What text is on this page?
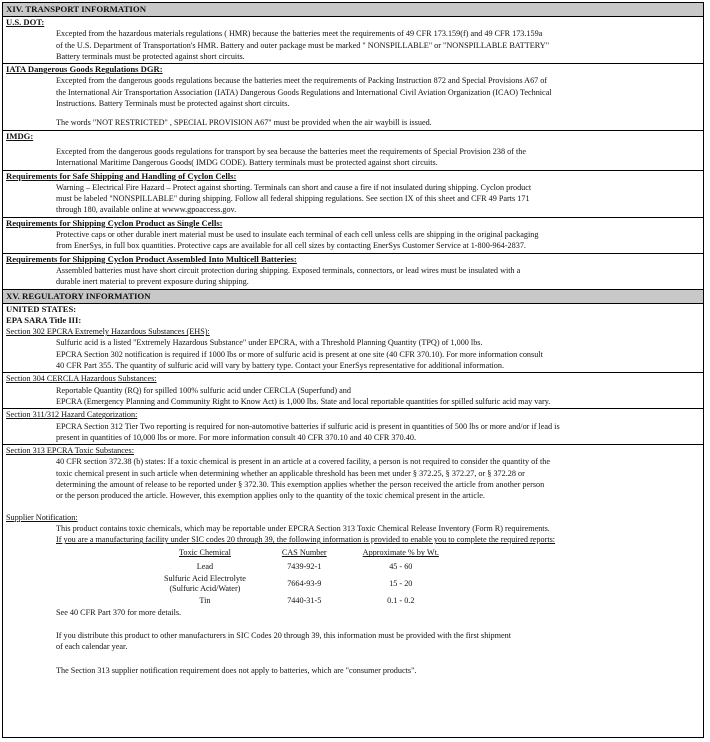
XIV. TRANSPORT INFORMATION
U.S. DOT:
Excepted from the hazardous materials regulations ( HMR) because the batteries meet the requirements of 49 CFR 173.159(f) and 49 CFR 173.159a
of the U.S. Department of Transportation's HMR. Battery and outer package must be marked " NONSPILLABLE" or "NONSPILLABLE BATTERY"
Battery terminals must be protected against short circuits.
IATA Dangerous Goods Regulations DGR:
Excepted from the dangerous goods regulations because the batteries meet the requirements of Packing Instruction 872 and Special Provisions A67 of
the International Air Transportation Association (IATA) Dangerous Goods Regulations and International Civil Aviation Organization (ICAO) Technical
Instructions. Battery Terminals must be protected against short circuits.
The words "NOT RESTRICTED" , SPECIAL PROVISION A67" must be provided when the air waybill is issued.
IMDG:
Excepted from the dangerous goods regulations for transport by sea because the batteries meet the requirements of Special Provision 238 of the
International Maritime Dangerous Goods( IMDG CODE). Battery terminals must be protected against short circuits.
Requirements for Safe Shipping and Handling of Cyclon Cells:
Warning – Electrical Fire Hazard – Protect against shorting. Terminals can short and cause a fire if not insulated during shipping. Cyclon product
must be labeled "NONSPILLABLE" during shipping. Follow all federal shipping regulations. See section IX of this sheet and CFR 49 Parts 171
through 180, available online at wwww.gpoaccess.gov.
Requirements for Shipping Cyclon Product as Single Cells:
Protective caps or other durable inert material must be used to insulate each terminal of each cell unless cells are shipping in the original packaging
from EnerSys, in full box quantities. Protective caps are available for all cell sizes by contacting EnerSys Customer Service at 1-800-964-2837.
Requirements for Shipping Cyclon Product Assembled Into Multicell Batteries:
Assembled batteries must have short circuit protection during shipping. Exposed terminals, connectors, or lead wires must be insulated with a
durable inert material to prevent exposure during shipping.
XV. REGULATORY INFORMATION
UNITED STATES:
EPA SARA Title III:
Section 302 EPCRA Extremely Hazardous Substances (EHS):
Sulfuric acid is a listed "Extremely Hazardous Substance" under EPCRA, with a Threshold Planning Quantity (TPQ) of 1,000 lbs.
EPCRA Section 302 notification is required if 1000 lbs or more of sulfuric acid is present at one site (40 CFR 370.10). For more information consult
40 CFR Part 355. The quantity of sulfuric acid will vary by battery type. Contact your EnerSys representative for additional information.
Section 304 CERCLA Hazardous Substances:
Reportable Quantity (RQ) for spilled 100% sulfuric acid under CERCLA (Superfund) and
EPCRA (Emergency Planning and Community Right to Know Act) is 1,000 lbs. State and local reportable quantities for spilled sulfuric acid may vary.
Section 311/312 Hazard Categorization:
EPCRA Section 312 Tier Two reporting is required for non-automotive batteries if sulfuric acid is present in quantities of 500 lbs or more and/or if lead is
present in quantities of 10,000 lbs or more. For more information consult 40 CFR 370.10 and 40 CFR 370.40.
Section 313 EPCRA Toxic Substances:
40 CFR section 372.38 (b) states: If a toxic chemical is present in an article at a covered facility, a person is not required to consider the quantity of the
toxic chemical present in such article when determining whether an applicable threshold has been met under § 372.25, § 372.27, or § 372.28 or
determining the amount of release to be reported under § 372.30. This exemption applies whether the person received the article from another person
or the person produced the article. However, this exemption applies only to the quantity of the toxic chemical present in the article.
Supplier Notification:
This product contains toxic chemicals, which may be reportable under EPCRA Section 313 Toxic Chemical Release Inventory (Form R) requirements.
If you are a manufacturing facility under SIC codes 20 through 39, the following information is provided to enable you to complete the required reports:
Toxic Chemical	CAS Number	Approximate % by Wt.
Lead	7439-92-1	45 - 60
Sulfuric Acid Electrolyte
(Sulfuric Acid/Water)	7664-93-9	15 - 20
Tin	7440-31-5	0.1 - 0.2
See 40 CFR Part 370 for more details.
If you distribute this product to other manufacturers in SIC Codes 20 through 39, this information must be provided with the first shipment
of each calendar year.
The Section 313 supplier notification requirement does not apply to batteries, which are "consumer products".
